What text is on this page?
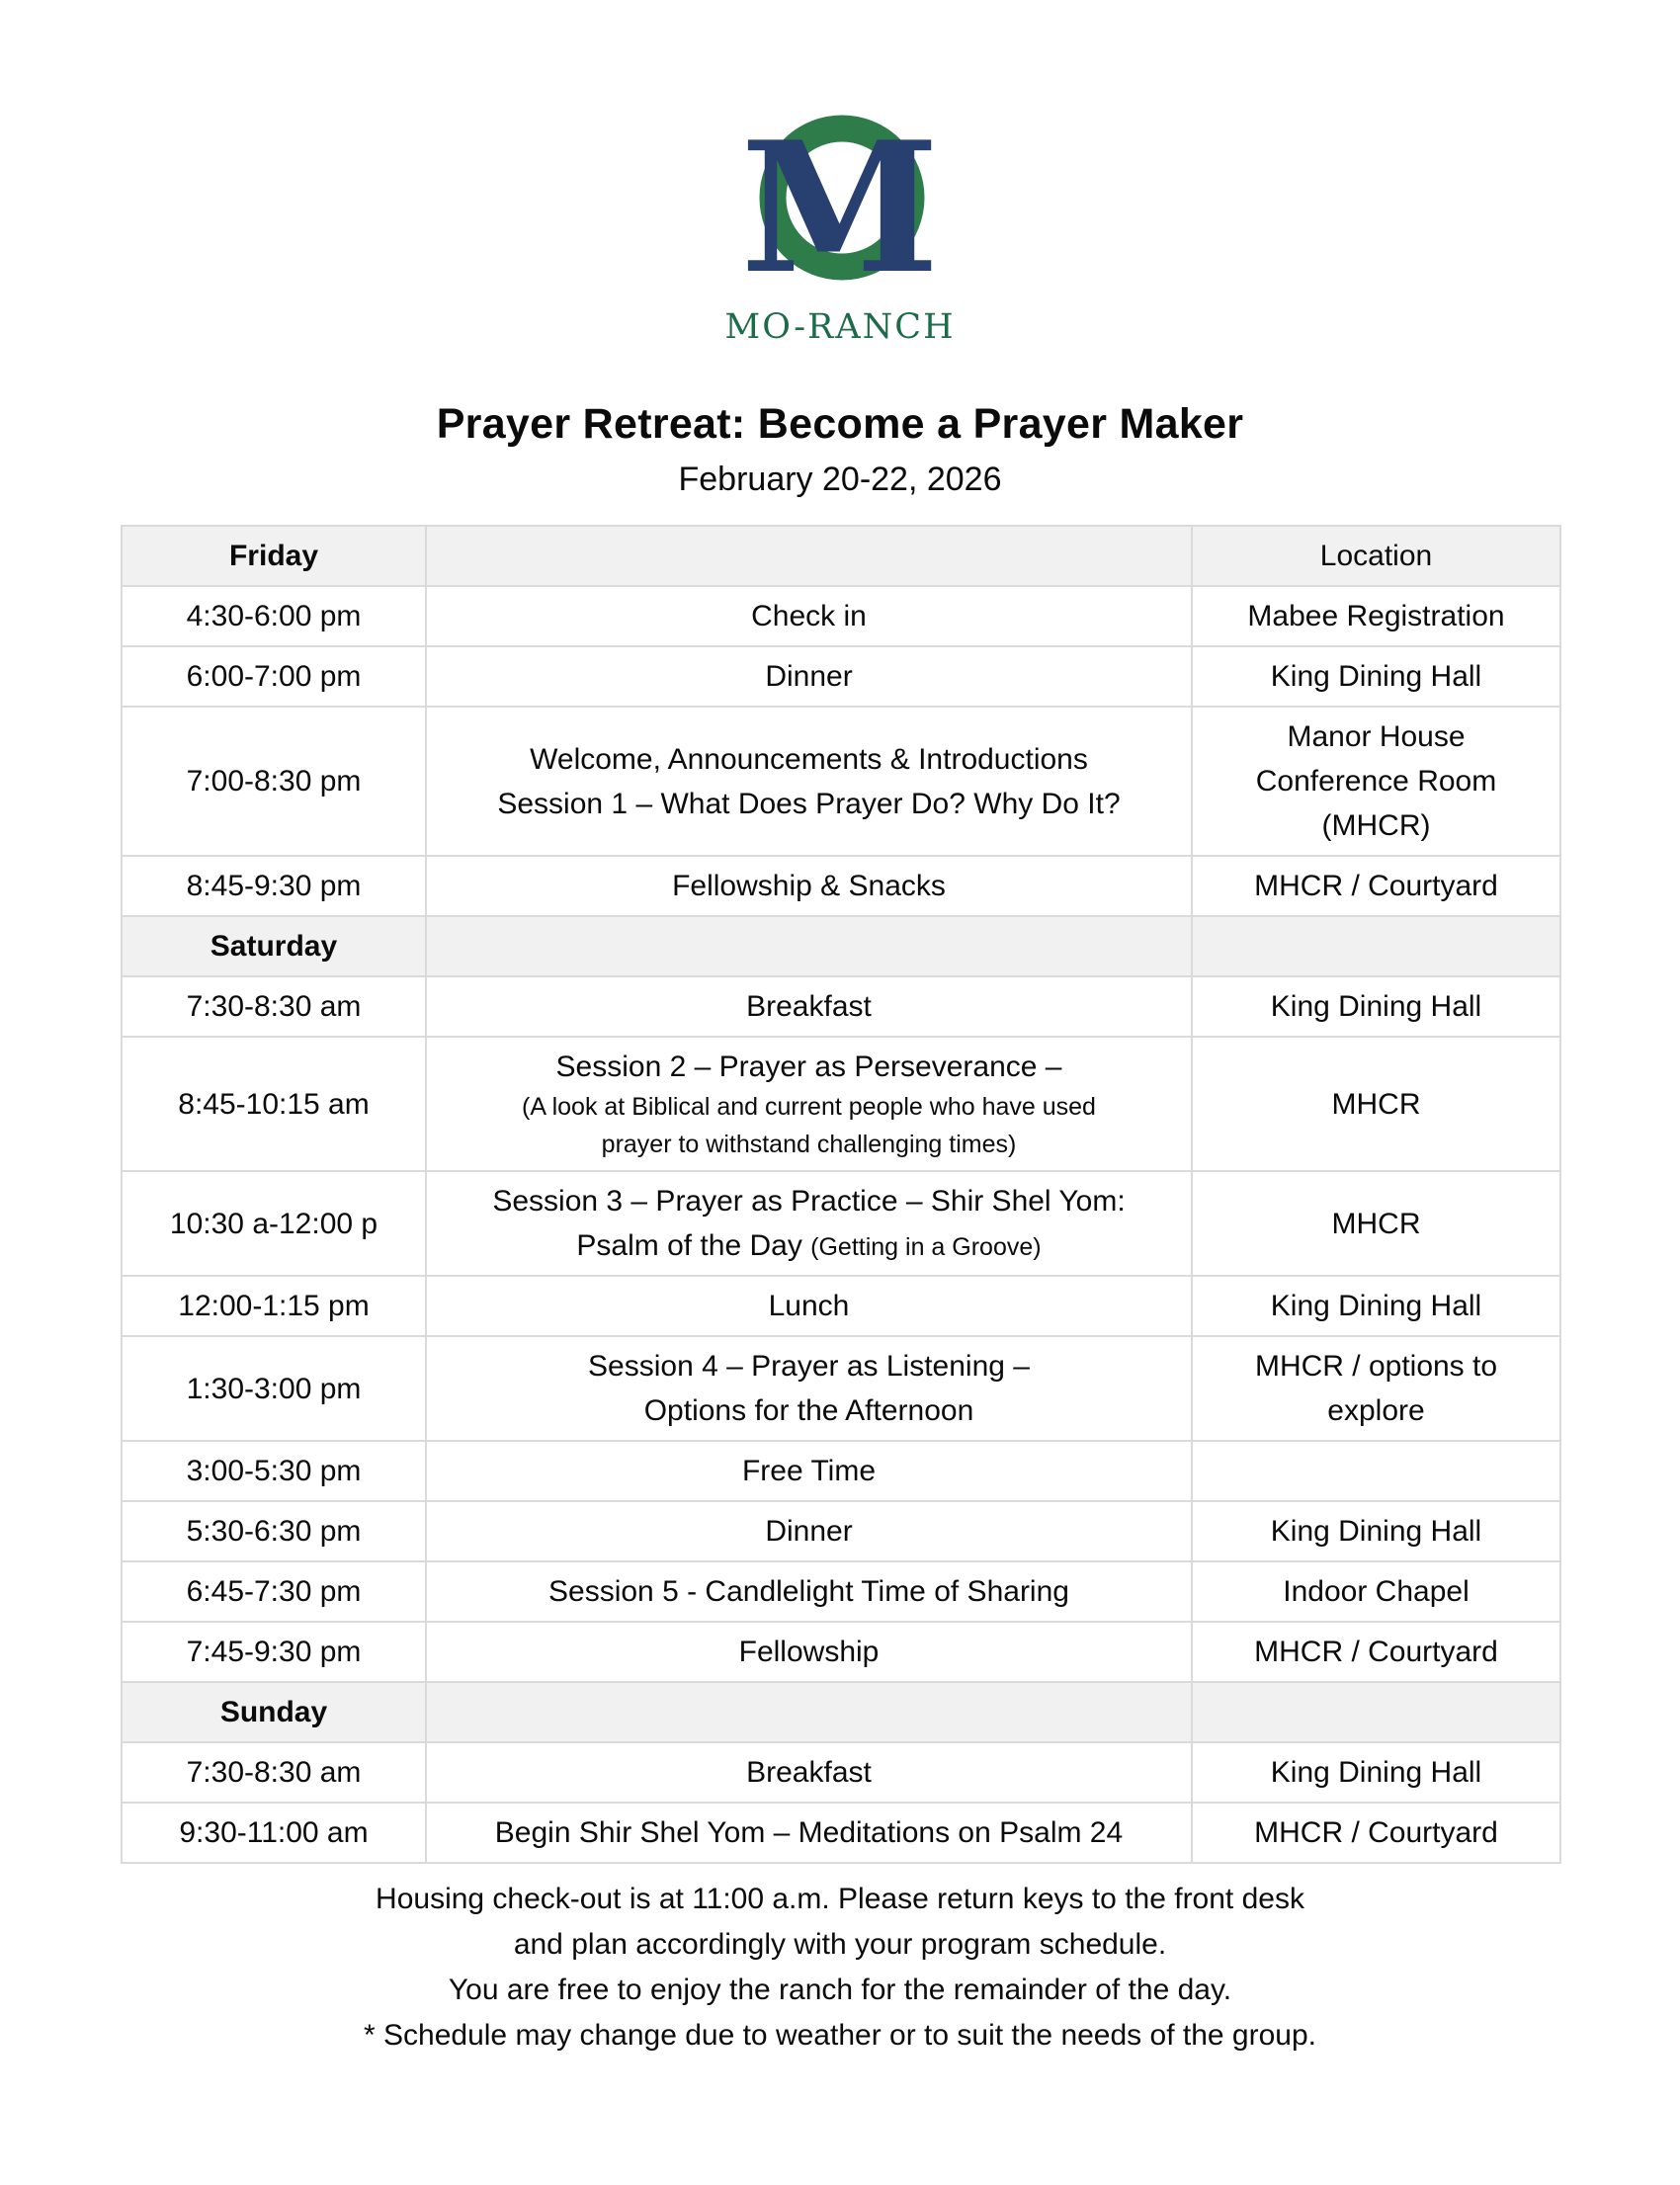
M
MO-RANCH
Prayer Retreat: Become a Prayer Maker
February 20-22, 2026
Friday		Location
4:30-6:00 pm	Check in	Mabee Registration
6:00-7:00 pm	Dinner	King Dining Hall
7:00-8:30 pm	Welcome, Announcements & Introductions
Session 1 – What Does Prayer Do? Why Do It?	Manor House
Conference Room
(MHCR)

8:45-9:30 pm	Fellowship & Snacks	MHCR / Courtyard
Saturday		
7:30-8:30 am	Breakfast	King Dining Hall
8:45-10:15 am	Session 2 – Prayer as Perseverance –
(A look at Biblical and current people who have used
prayer to withstand challenging times)	MHCR
10:30 a-12:00 p	Session 3 – Prayer as Practice – Shir Shel Yom:
Psalm of the Day (Getting in a Groove)	MHCR
12:00-1:15 pm	Lunch	King Dining Hall
1:30-3:00 pm	Session 4 – Prayer as Listening –
Options for the Afternoon	MHCR / options to
explore

3:00-5:30 pm	Free Time	
5:30-6:30 pm	Dinner	King Dining Hall
6:45-7:30 pm	Session 5 - Candlelight Time of Sharing	Indoor Chapel
7:45-9:30 pm	Fellowship	MHCR / Courtyard
Sunday		
7:30-8:30 am	Breakfast	King Dining Hall
9:30-11:00 am	Begin Shir Shel Yom – Meditations on Psalm 24	MHCR / Courtyard
Housing check-out is at 11:00 a.m. Please return keys to the front desk
and plan accordingly with your program schedule.
You are free to enjoy the ranch for the remainder of the day.
* Schedule may change due to weather or to suit the needs of the group.
